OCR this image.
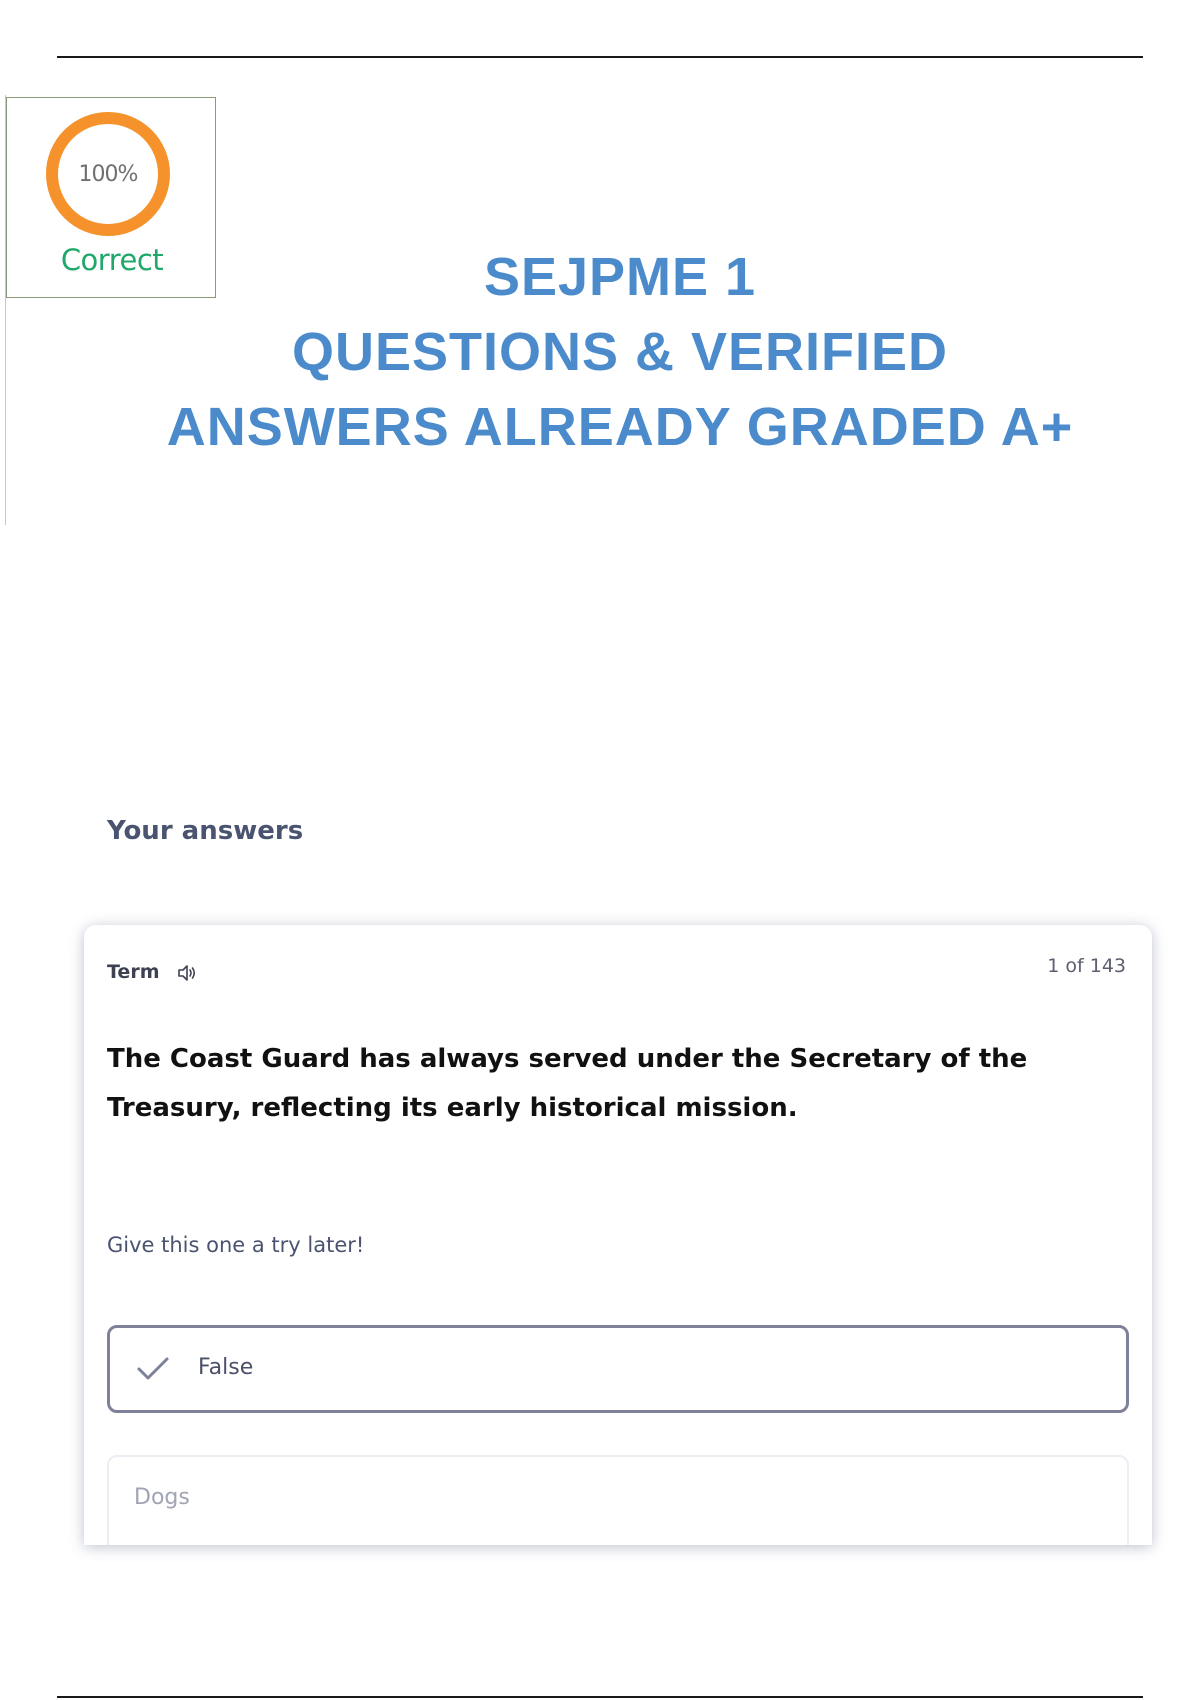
100%
Correct	SEJPME 1
QUESTIONS & VERIFIED
ANSWERS ALREADY GRADED A+
Your answers
Term	1 of 143
The Coast Guard has always served under the Secretary of the Treasury, reflecting its early historical mission.
Give this one a try later!
False
Dogs
